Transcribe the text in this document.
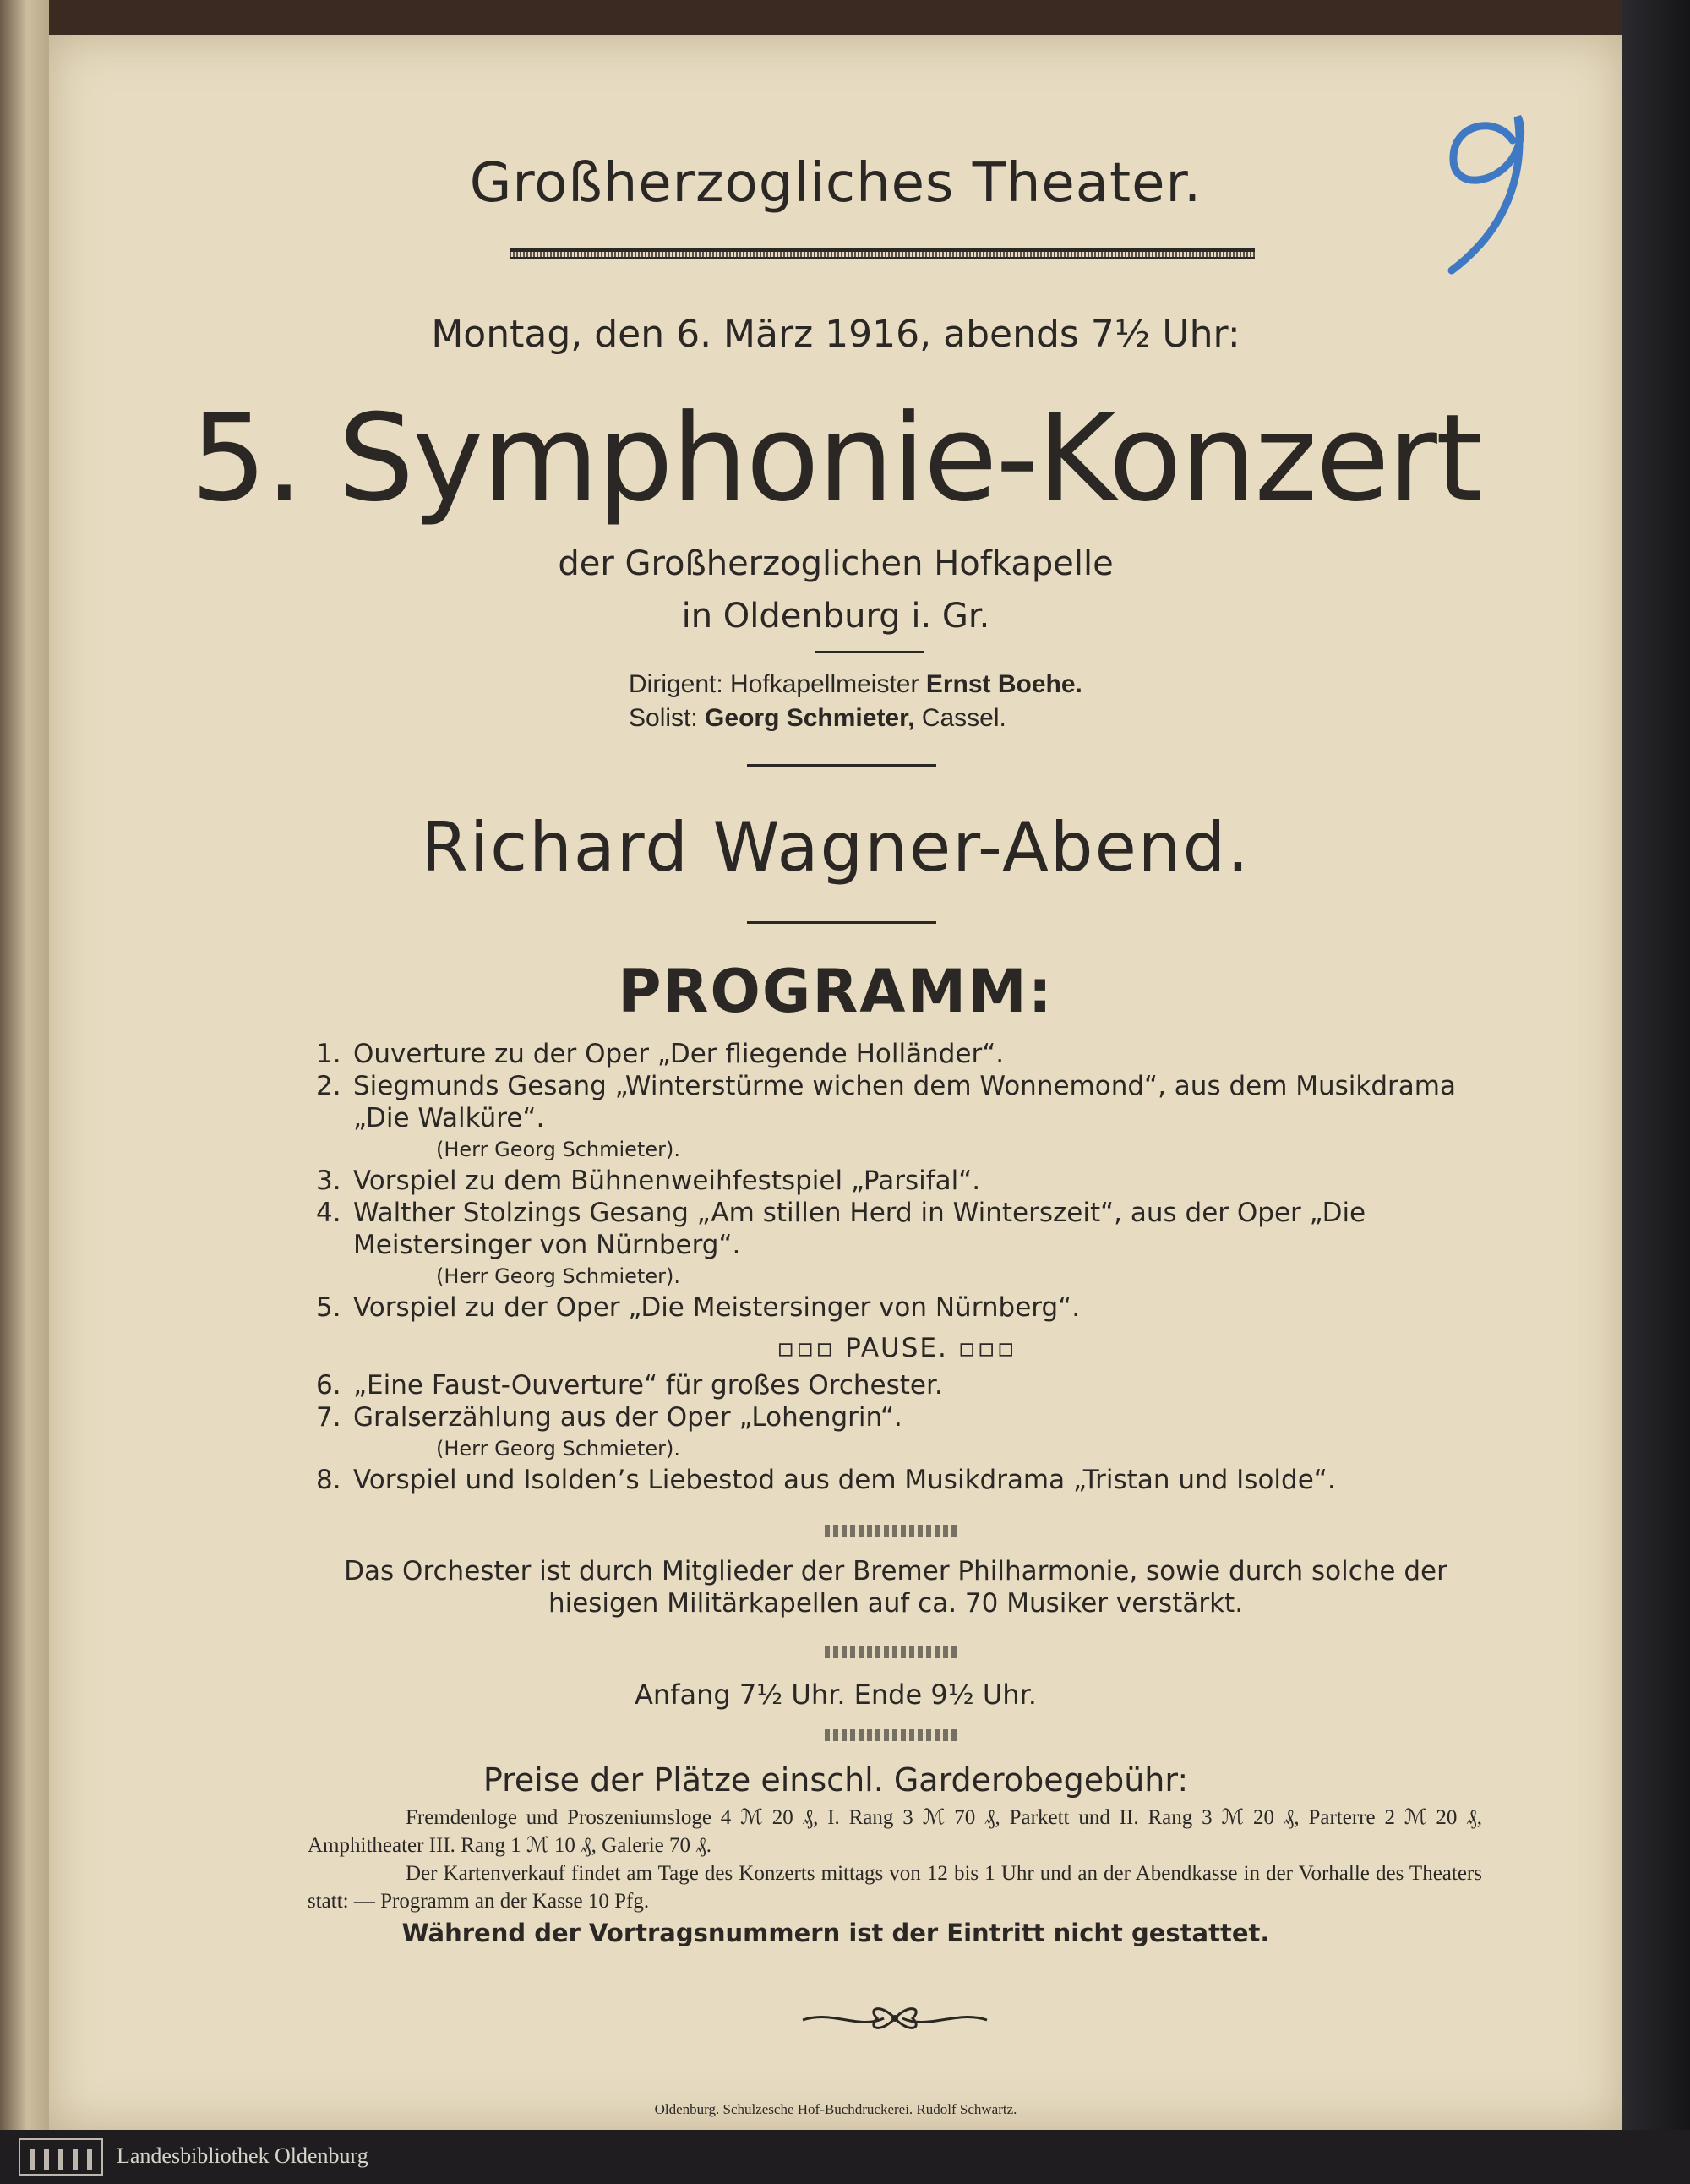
Großherzogliches Theater.
Montag, den 6. März 1916, abends 7½ Uhr:
5. Symphonie-Konzert
der Großherzoglichen Hofkapelle
in Oldenburg i. Gr.
Dirigent: Hofkapellmeister Ernst Boehe.
Solist: Georg Schmieter, Cassel.
Richard Wagner-Abend.
PROGRAMM:
1. Ouverture zu der Oper „Der fliegende Holländer“.
2. Siegmunds Gesang „Winterstürme wichen dem Wonnemond“, aus dem Musikdrama „Die Walküre“.
(Herr Georg Schmieter).
3. Vorspiel zu dem Bühnenweihfestspiel „Parsifal“.
4. Walther Stolzings Gesang „Am stillen Herd in Winterszeit“, aus der Oper „Die Meistersinger von Nürnberg“.
(Herr Georg Schmieter).
5. Vorspiel zu der Oper „Die Meistersinger von Nürnberg“.
▫▫▫ PAUSE. ▫▫▫
6. „Eine Faust-Ouverture“ für großes Orchester.
7. Gralserzählung aus der Oper „Lohengrin“.
(Herr Georg Schmieter).
8. Vorspiel und Isolden’s Liebestod aus dem Musikdrama „Tristan und Isolde“.
Das Orchester ist durch Mitglieder der Bremer Philharmonie, sowie durch solche der hiesigen Militärkapellen auf ca. 70 Musiker verstärkt.
Anfang 7½ Uhr. Ende 9½ Uhr.
Preise der Plätze einschl. Garderobegebühr:
Fremdenloge und Proszeniumsloge 4 ℳ 20 ₰, I. Rang 3 ℳ 70 ₰, Parkett und II. Rang 3 ℳ 20 ₰, Parterre 2 ℳ 20 ₰, Amphitheater III. Rang 1 ℳ 10 ₰, Galerie 70 ₰.
Der Kartenverkauf findet am Tage des Konzerts mittags von 12 bis 1 Uhr und an der Abendkasse in der Vorhalle des Theaters statt: — Programm an der Kasse 10 Pfg.
Während der Vortragsnummern ist der Eintritt nicht gestattet.
Oldenburg. Schulzesche Hof-Buchdruckerei. Rudolf Schwartz.
Landesbibliothek Oldenburg
